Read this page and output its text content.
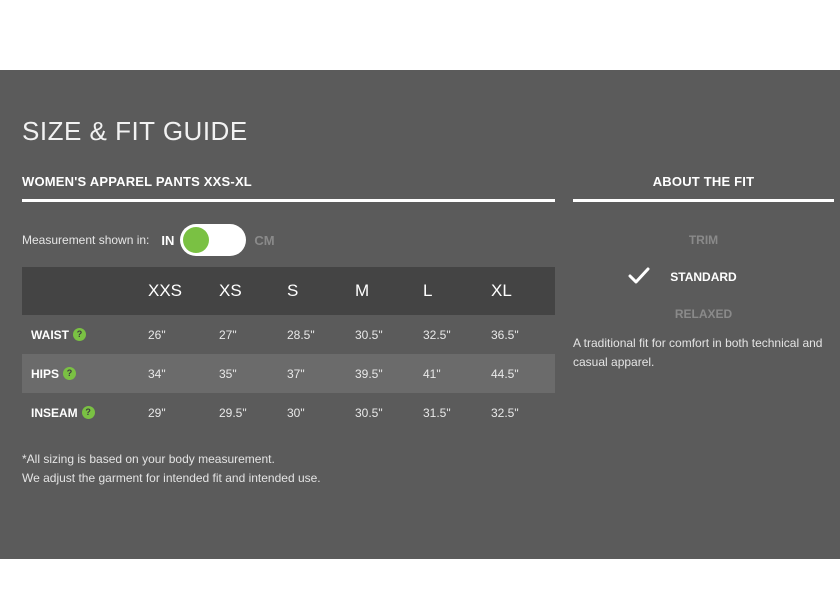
SIZE & FIT GUIDE
WOMEN'S APPAREL PANTS XXS-XL	ABOUT THE FIT
Measurement shown in: IN	CM
XXS	XS	S	M	L	XL
WAIST ?	26"	27"	28.5"	30.5"	32.5"	36.5"
HIPS ?	34"	35"	37"	39.5"	41"	44.5"
INSEAM ?	29"	29.5"	30"	30.5"	31.5"	32.5"
*All sizing is based on your body measurement.
We adjust the garment for intended fit and intended use.
TRIM
STANDARD
RELAXED
A traditional fit for comfort in both technical and casual apparel.
